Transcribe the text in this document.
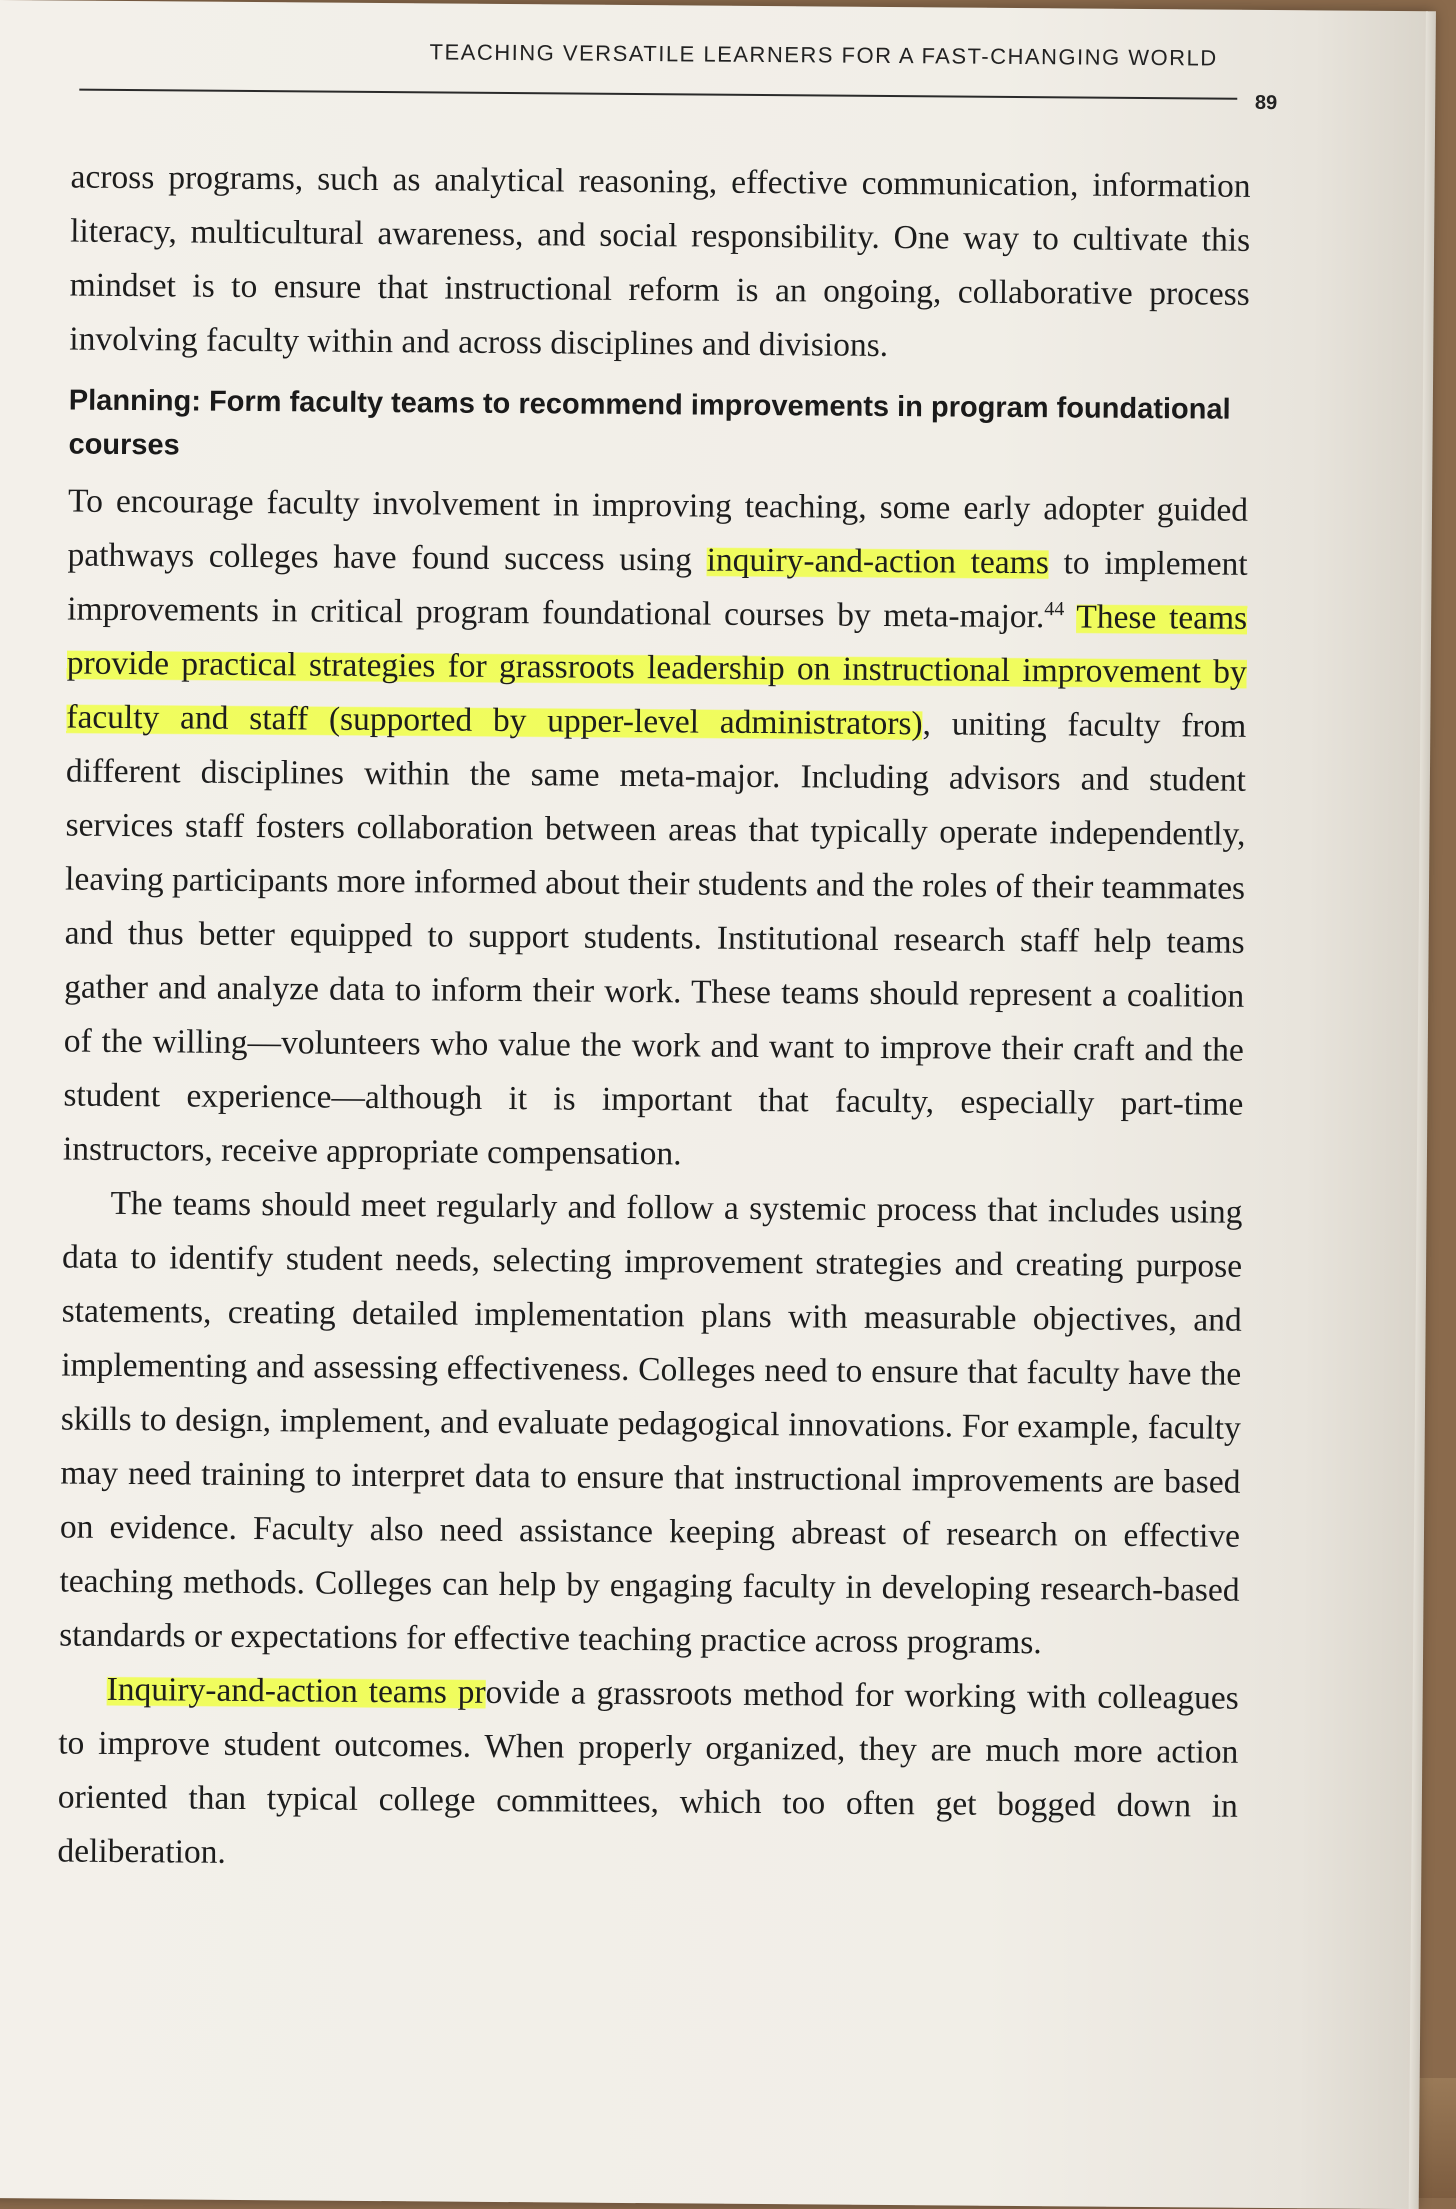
TEACHING VERSATILE LEARNERS FOR A FAST-CHANGING WORLD
89

across programs, such as analytical reasoning, effective communication, information literacy, multicultural awareness, and social responsibility. One way to cultivate this mindset is to ensure that instructional reform is an ongoing, collaborative process involving faculty within and across disciplines and divisions.

Planning: Form faculty teams to recommend improvements in program foundational courses

To encourage faculty involvement in improving teaching, some early adopter guided pathways colleges have found success using inquiry-and-action teams to implement improvements in critical program foundational courses by meta-major.$^{44}$ These teams provide practical strategies for grassroots leadership on instructional improvement by faculty and staff (supported by upper-level administrators), uniting faculty from different disciplines within the same meta-major. Including advisors and student services staff fosters collaboration between areas that typically operate independently, leaving participants more informed about their students and the roles of their teammates and thus better equipped to support students. Institutional research staff help teams gather and analyze data to inform their work. These teams should represent a coalition of the willing—volunteers who value the work and want to improve their craft and the student experience—although it is important that faculty, especially part-time instructors, receive appropriate compensation.

The teams should meet regularly and follow a systemic process that includes using data to identify student needs, selecting improvement strategies and creating purpose statements, creating detailed implementation plans with measurable objectives, and implementing and assessing effectiveness. Colleges need to ensure that faculty have the skills to design, implement, and evaluate pedagogical innovations. For example, faculty may need training to interpret data to ensure that instructional improvements are based on evidence. Faculty also need assistance keeping abreast of research on effective teaching methods. Colleges can help by engaging faculty in developing research-based standards or expectations for effective teaching practice across programs.

Inquiry-and-action teams provide a grassroots method for working with colleagues to improve student outcomes. When properly organized, they are much more action oriented than typical college committees, which too often get bogged down in deliberation.
